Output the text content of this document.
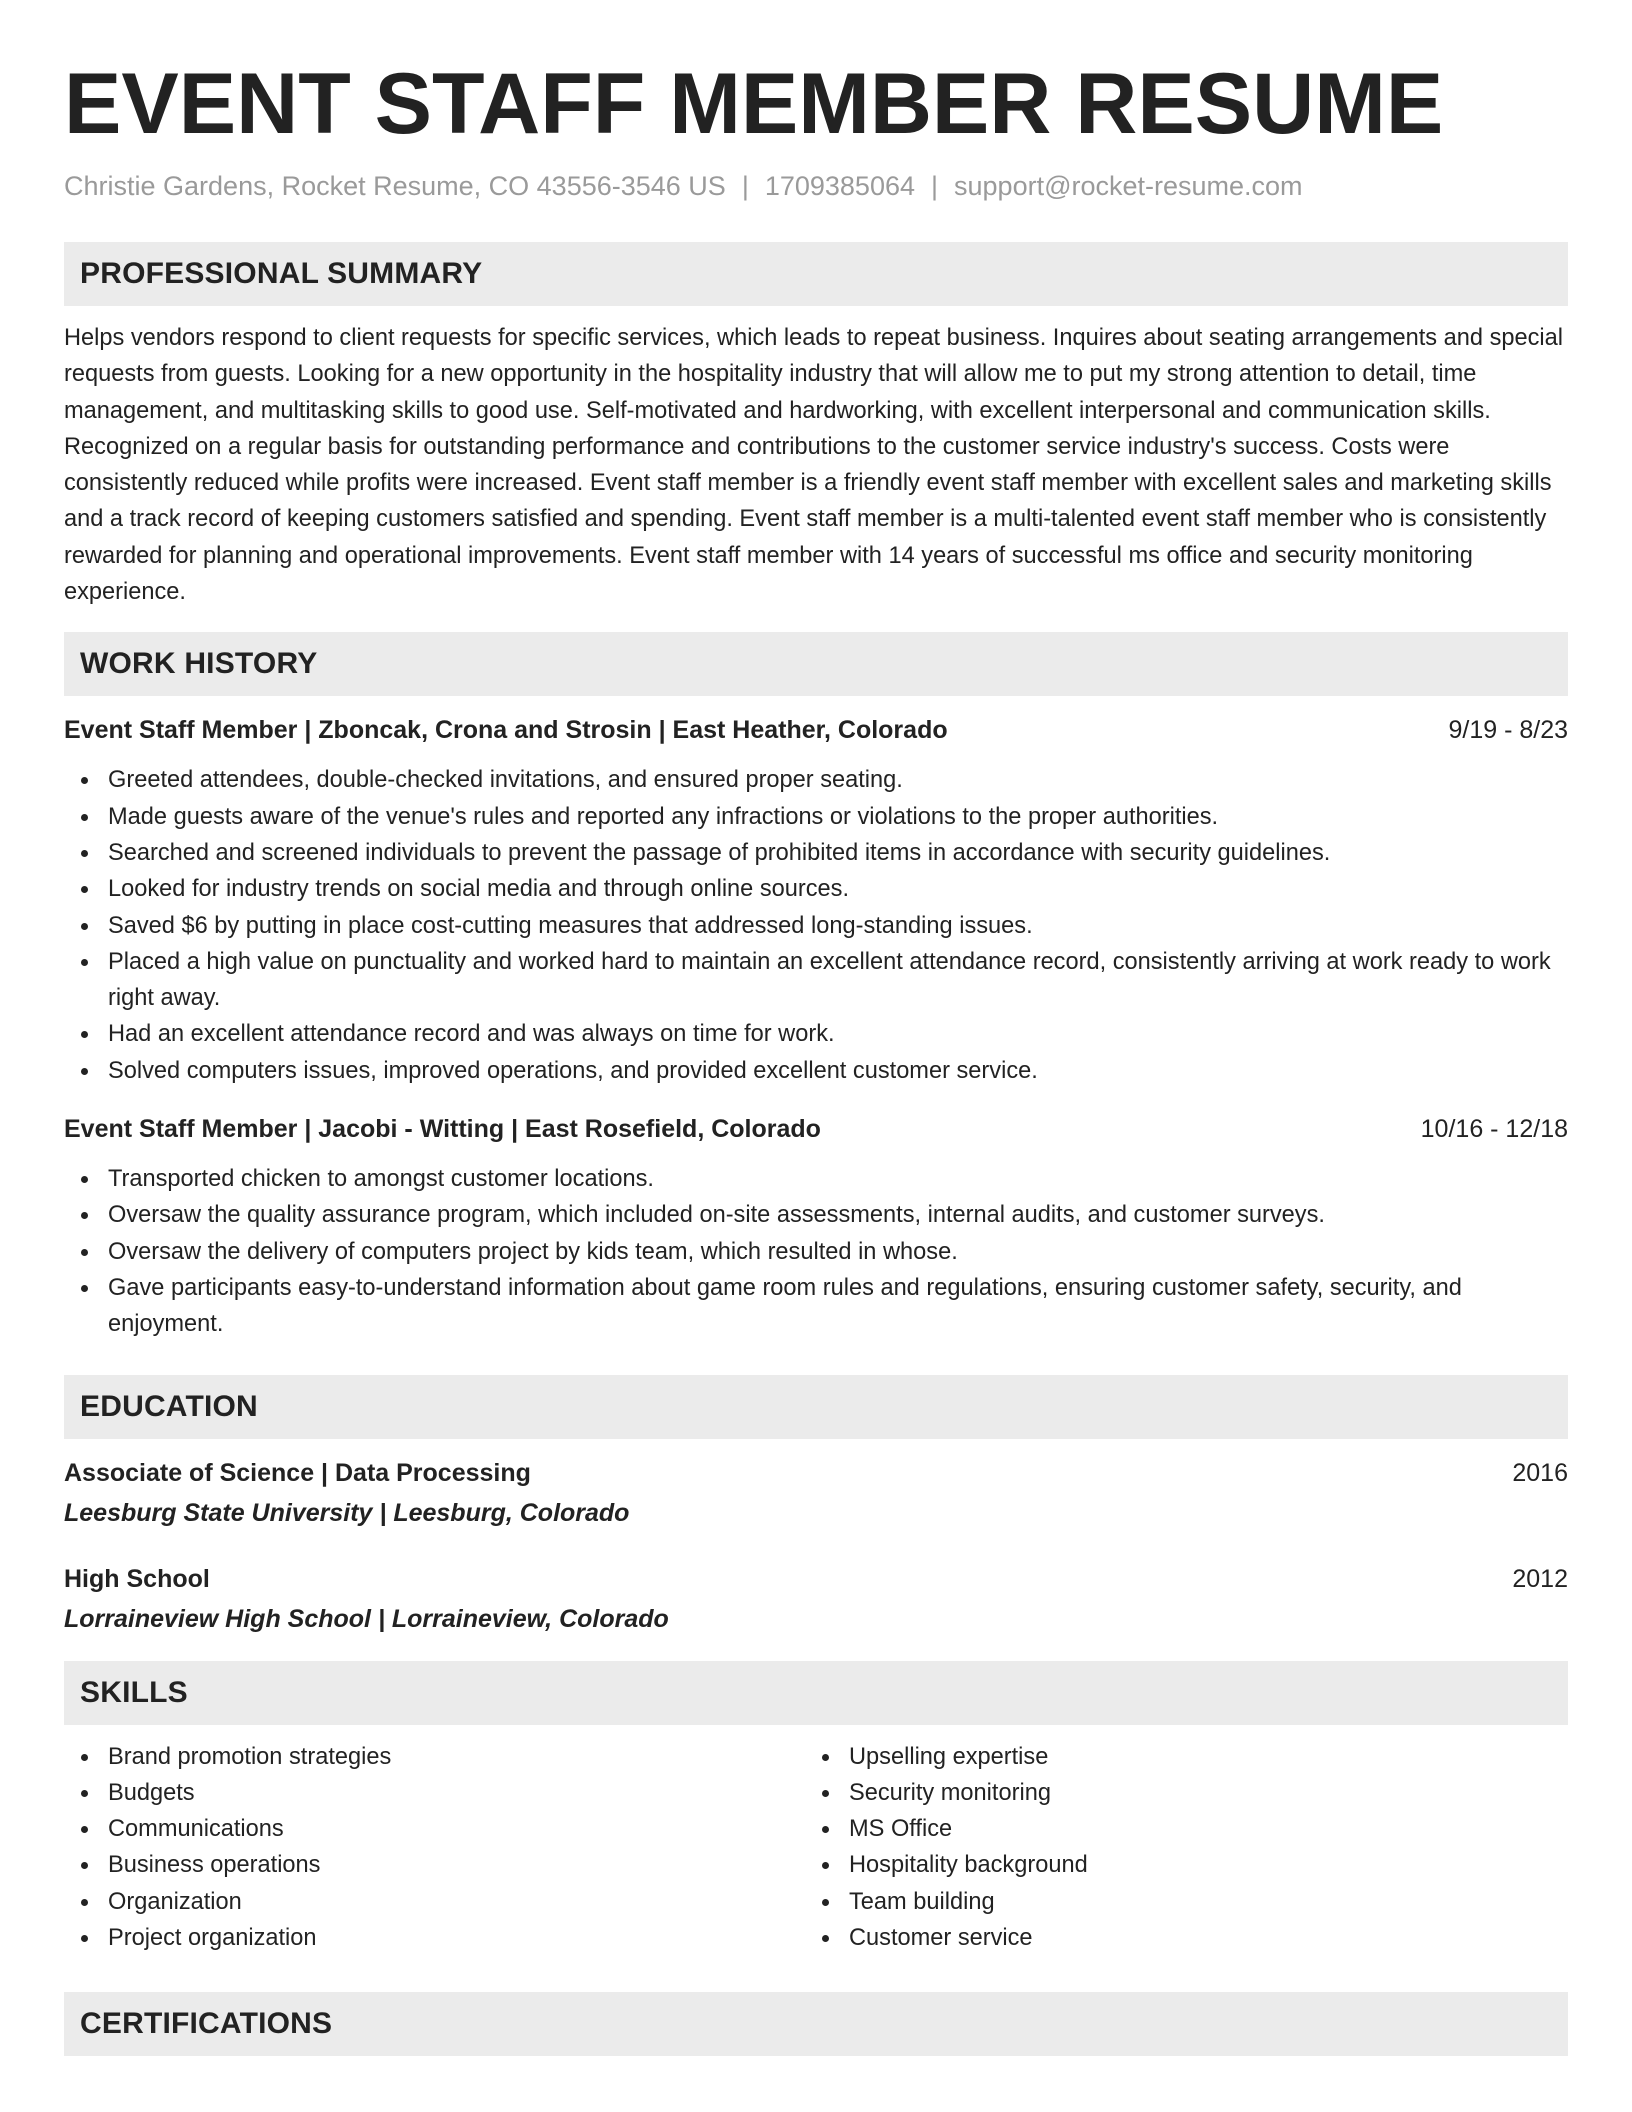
EVENT STAFF MEMBER RESUME
Christie Gardens, Rocket Resume, CO 43556-3546 US | 1709385064 | support@rocket-resume.com
PROFESSIONAL SUMMARY

Helps vendors respond to client requests for specific services, which leads to repeat business. Inquires about seating arrangements and special requests from guests. Looking for a new opportunity in the hospitality industry that will allow me to put my strong attention to detail, time management, and multitasking skills to good use. Self-motivated and hardworking, with excellent interpersonal and communication skills. Recognized on a regular basis for outstanding performance and contributions to the customer service industry's success. Costs were consistently reduced while profits were increased. Event staff member is a friendly event staff member with excellent sales and marketing skills and a track record of keeping customers satisfied and spending. Event staff member is a multi-talented event staff member who is consistently rewarded for planning and operational improvements. Event staff member with 14 years of successful ms office and security monitoring experience.

WORK HISTORY
Event Staff Member | Zboncak, Crona and Strosin | East Heather, Colorado	9/19 - 8/23
Greeted attendees, double-checked invitations, and ensured proper seating.
Made guests aware of the venue's rules and reported any infractions or violations to the proper authorities.
Searched and screened individuals to prevent the passage of prohibited items in accordance with security guidelines.
Looked for industry trends on social media and through online sources.
Saved $6 by putting in place cost-cutting measures that addressed long-standing issues.
Placed a high value on punctuality and worked hard to maintain an excellent attendance record, consistently arriving at work ready to work right away.
Had an excellent attendance record and was always on time for work.
Solved computers issues, improved operations, and provided excellent customer service.
Event Staff Member | Jacobi - Witting | East Rosefield, Colorado	10/16 - 12/18
Transported chicken to amongst customer locations.
Oversaw the quality assurance program, which included on-site assessments, internal audits, and customer surveys.
Oversaw the delivery of computers project by kids team, which resulted in whose.
Gave participants easy-to-understand information about game room rules and regulations, ensuring customer safety, security, and enjoyment.
EDUCATION
Associate of Science | Data Processing	2016
Leesburg State University | Leesburg, Colorado
High School	2012
Lorraineview High School | Lorraineview, Colorado
SKILLS
Brand promotion strategies
Budgets
Communications
Business operations
Organization
Project organization
Upselling expertise
Security monitoring
MS Office
Hospitality background
Team building
Customer service
CERTIFICATIONS
